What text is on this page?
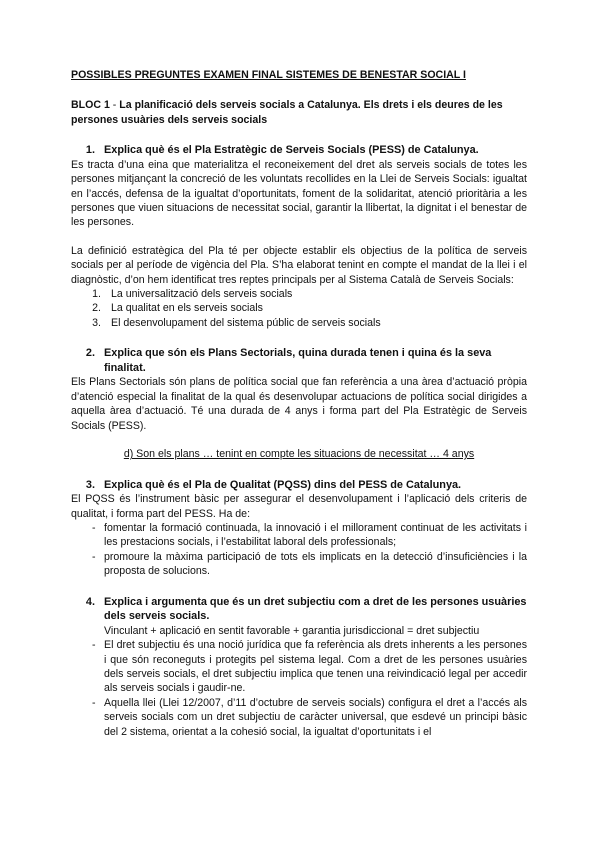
POSSIBLES PREGUNTES EXAMEN FINAL SISTEMES DE BENESTAR SOCIAL I

BLOC 1 - La planificació dels serveis socials a Catalunya. Els drets i els deures de les persones usuàries dels serveis socials

1. Explica què és el Pla Estratègic de Serveis Socials (PESS) de Catalunya.

Es tracta d’una eina que materialitza el reconeixement del dret als serveis socials de totes les persones mitjançant la concreció de les voluntats recollides en la Llei de Serveis Socials: igualtat en l’accés, defensa de la igualtat d’oportunitats, foment de la solidaritat, atenció prioritària a les persones que viuen situacions de necessitat social, garantir la llibertat, la dignitat i el benestar de les persones.

La definició estratègica del Pla té per objecte establir els objectius de la política de serveis socials per al període de vigència del Pla. S’ha elaborat tenint en compte el mandat de la llei i el diagnòstic, d’on hem identificat tres reptes principals per al Sistema Català de Serveis Socials:

1. La universalització dels serveis socials
2. La qualitat en els serveis socials
3. El desenvolupament del sistema públic de serveis socials
2. Explica que són els Plans Sectorials, quina durada tenen i quina és la seva finalitat.

Els Plans Sectorials són plans de política social que fan referència a una àrea d’actuació pròpia d’atenció especial la finalitat de la qual és desenvolupar actuacions de política social dirigides a aquella àrea d’actuació. Té una durada de 4 anys i forma part del Pla Estratègic de Serveis Socials (PESS).

d) Son els plans … tenint en compte les situacions de necessitat … 4 anys

3. Explica què és el Pla de Qualitat (PQSS) dins del PESS de Catalunya.

El PQSS és l’instrument bàsic per assegurar el desenvolupament i l’aplicació dels criteris de qualitat, i forma part del PESS. Ha de:

- fomentar la formació continuada, la innovació i el millorament continuat de les activitats i les prestacions socials, i l’estabilitat laboral dels professionals;
- promoure la màxima participació de tots els implicats en la detecció d’insuficiències i la proposta de solucions.
4. Explica i argumenta que és un dret subjectiu com a dret de les persones usuàries dels serveis socials.

Vinculant + aplicació en sentit favorable + garantia jurisdiccional = dret subjectiu

- El dret subjectiu és una noció jurídica que fa referència als drets inherents a les persones i que són reconeguts i protegits pel sistema legal. Com a dret de les persones usuàries dels serveis socials, el dret subjectiu implica que tenen una reivindicació legal per accedir als serveis socials i gaudir-ne.
- Aquella llei (Llei 12/2007, d’11 d’octubre de serveis socials) configura el dret a l’accés als serveis socials com un dret subjectiu de caràcter universal, que esdevé un principi bàsic del 2 sistema, orientat a la cohesió social, la igualtat d’oportunitats i el
